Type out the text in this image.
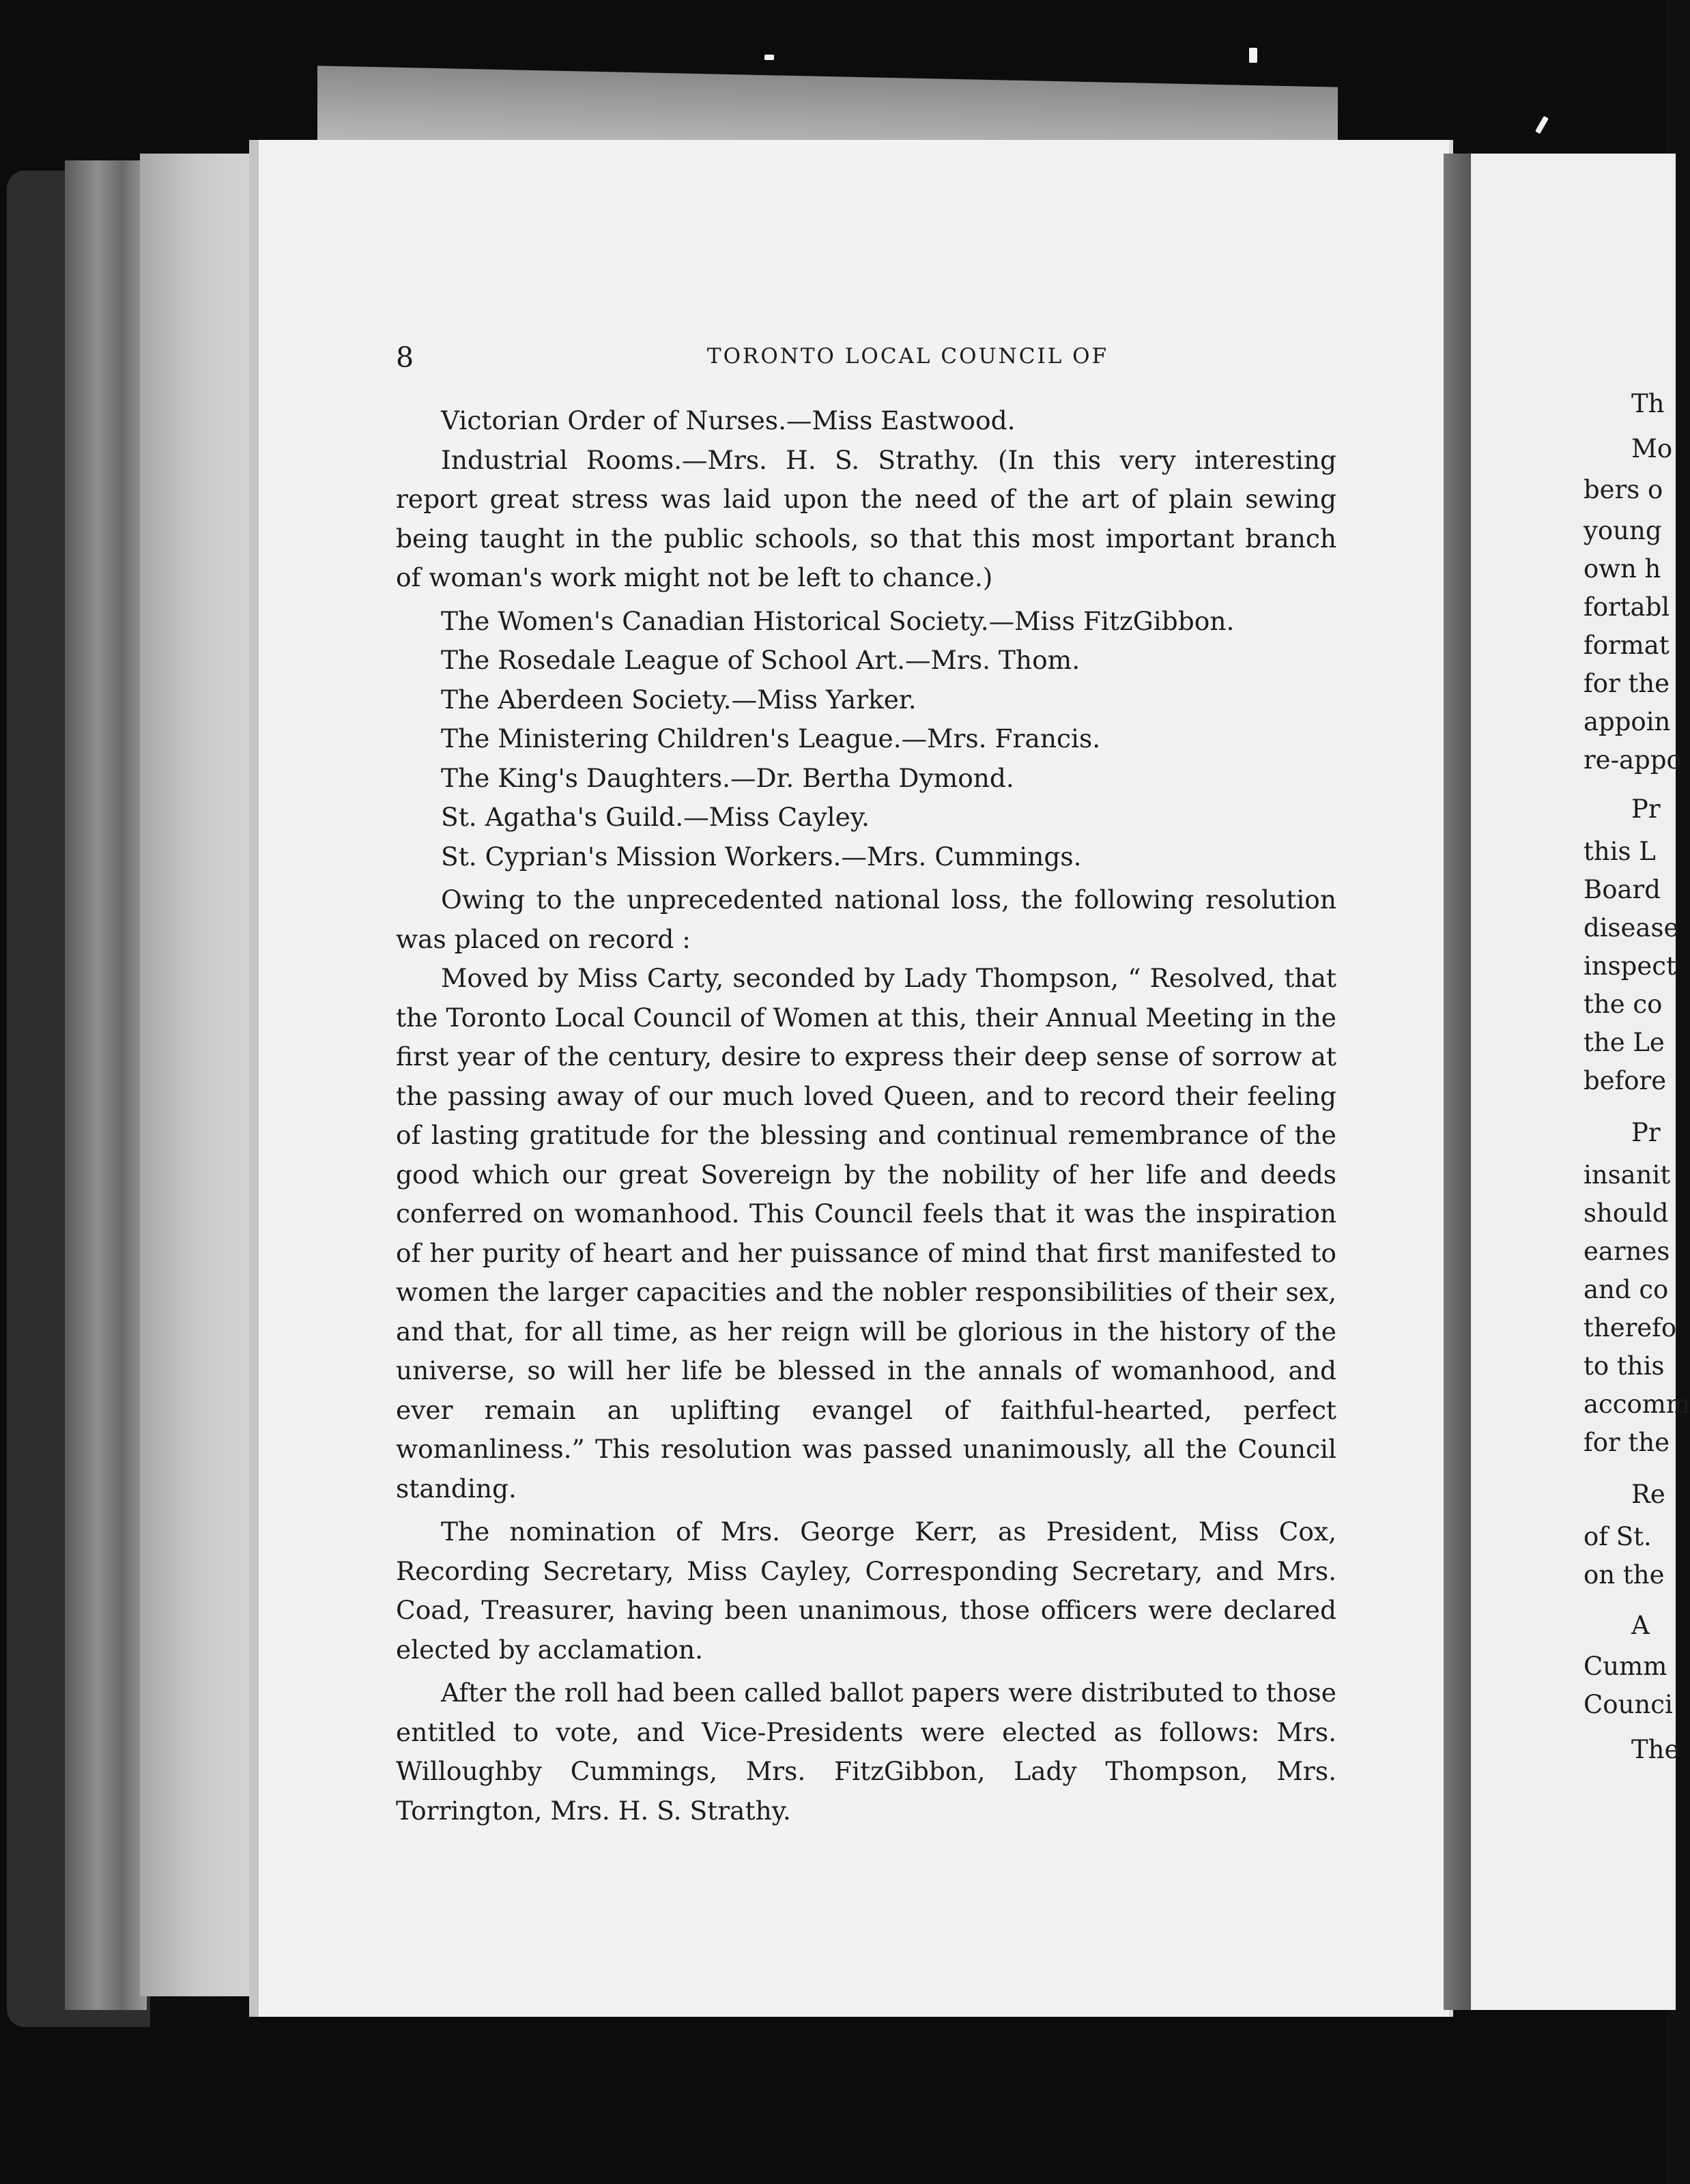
8	TORONTO LOCAL COUNCIL OF

Victorian Order of Nurses.—Miss Eastwood.

Industrial Rooms.—Mrs. H. S. Strathy. (In this very interesting report great stress was laid upon the need of the art of plain sewing being taught in the public schools, so that this most important branch of woman's work might not be left to chance.)

The Women's Canadian Historical Society.—Miss FitzGibbon.

The Rosedale League of School Art.—Mrs. Thom.

The Aberdeen Society.—Miss Yarker.

The Ministering Children's League.—Mrs. Francis.

The King's Daughters.—Dr. Bertha Dymond.

St. Agatha's Guild.—Miss Cayley.

St. Cyprian's Mission Workers.—Mrs. Cummings.

Owing to the unprecedented national loss, the following resolution was placed on record :

Moved by Miss Carty, seconded by Lady Thompson, “ Resolved, that the Toronto Local Council of Women at this, their Annual Meeting in the first year of the century, desire to express their deep sense of sorrow at the passing away of our much loved Queen, and to record their feeling of lasting gratitude for the blessing and continual remembrance of the good which our great Sovereign by the nobility of her life and deeds conferred on womanhood. This Council feels that it was the inspiration of her purity of heart and her puissance of mind that first manifested to women the larger capacities and the nobler responsibilities of their sex, and that, for all time, as her reign will be glorious in the history of the universe, so will her life be blessed in the annals of womanhood, and ever remain an uplifting evangel of faithful-hearted, perfect womanliness.” This resolution was passed unanimously, all the Council standing.

The nomination of Mrs. George Kerr, as President, Miss Cox, Recording Secretary, Miss Cayley, Corresponding Secretary, and Mrs. Coad, Treasurer, having been unanimous, those officers were declared elected by acclamation.

After the roll had been called ballot papers were distributed to those entitled to vote, and Vice-Presidents were elected as follows: Mrs. Willoughby Cummings, Mrs. FitzGibbon, Lady Thompson, Mrs. Torrington, Mrs. H. S. Strathy.

Th
Mo
bers o
young
own h
fortabl
format
for the
appoin
re-appo
Pr
this L
Board
disease
inspect
the co
the Le
before
Pr
insanit
should
earnes
and co
therefo
to this
accomm
for the
Re
of St.
on the
A
Cumm
Counci
The
